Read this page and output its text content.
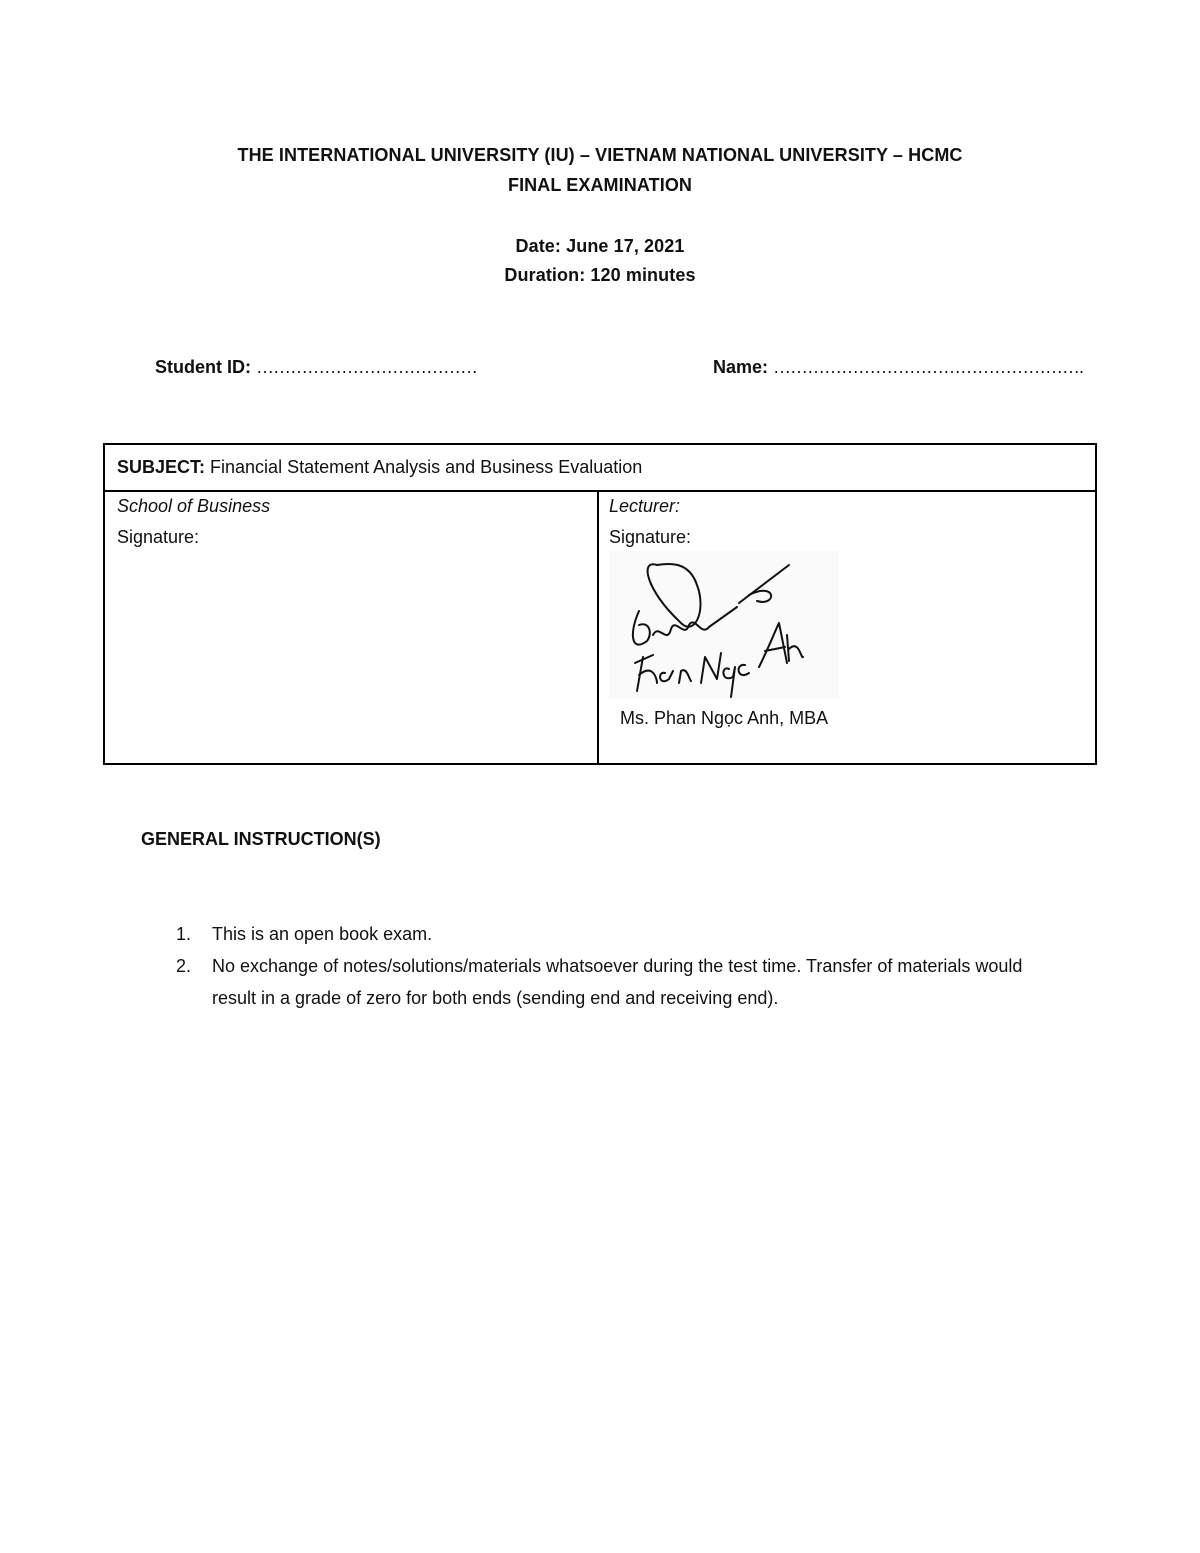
THE INTERNATIONAL UNIVERSITY (IU) – VIETNAM NATIONAL UNIVERSITY – HCMC
FINAL EXAMINATION
Date: June 17, 2021
Duration: 120 minutes
Student ID: …………………………………	Name: ……………………………………………….
SUBJECT: Financial Statement Analysis and Business Evaluation
School of Business
Signature:
Lecturer:
Signature:
Ms. Phan Ngọc Anh, MBA
GENERAL INSTRUCTION(S)
1. This is an open book exam.
2. No exchange of notes/solutions/materials whatsoever during the test time. Transfer of materials would result in a grade of zero for both ends (sending end and receiving end).
